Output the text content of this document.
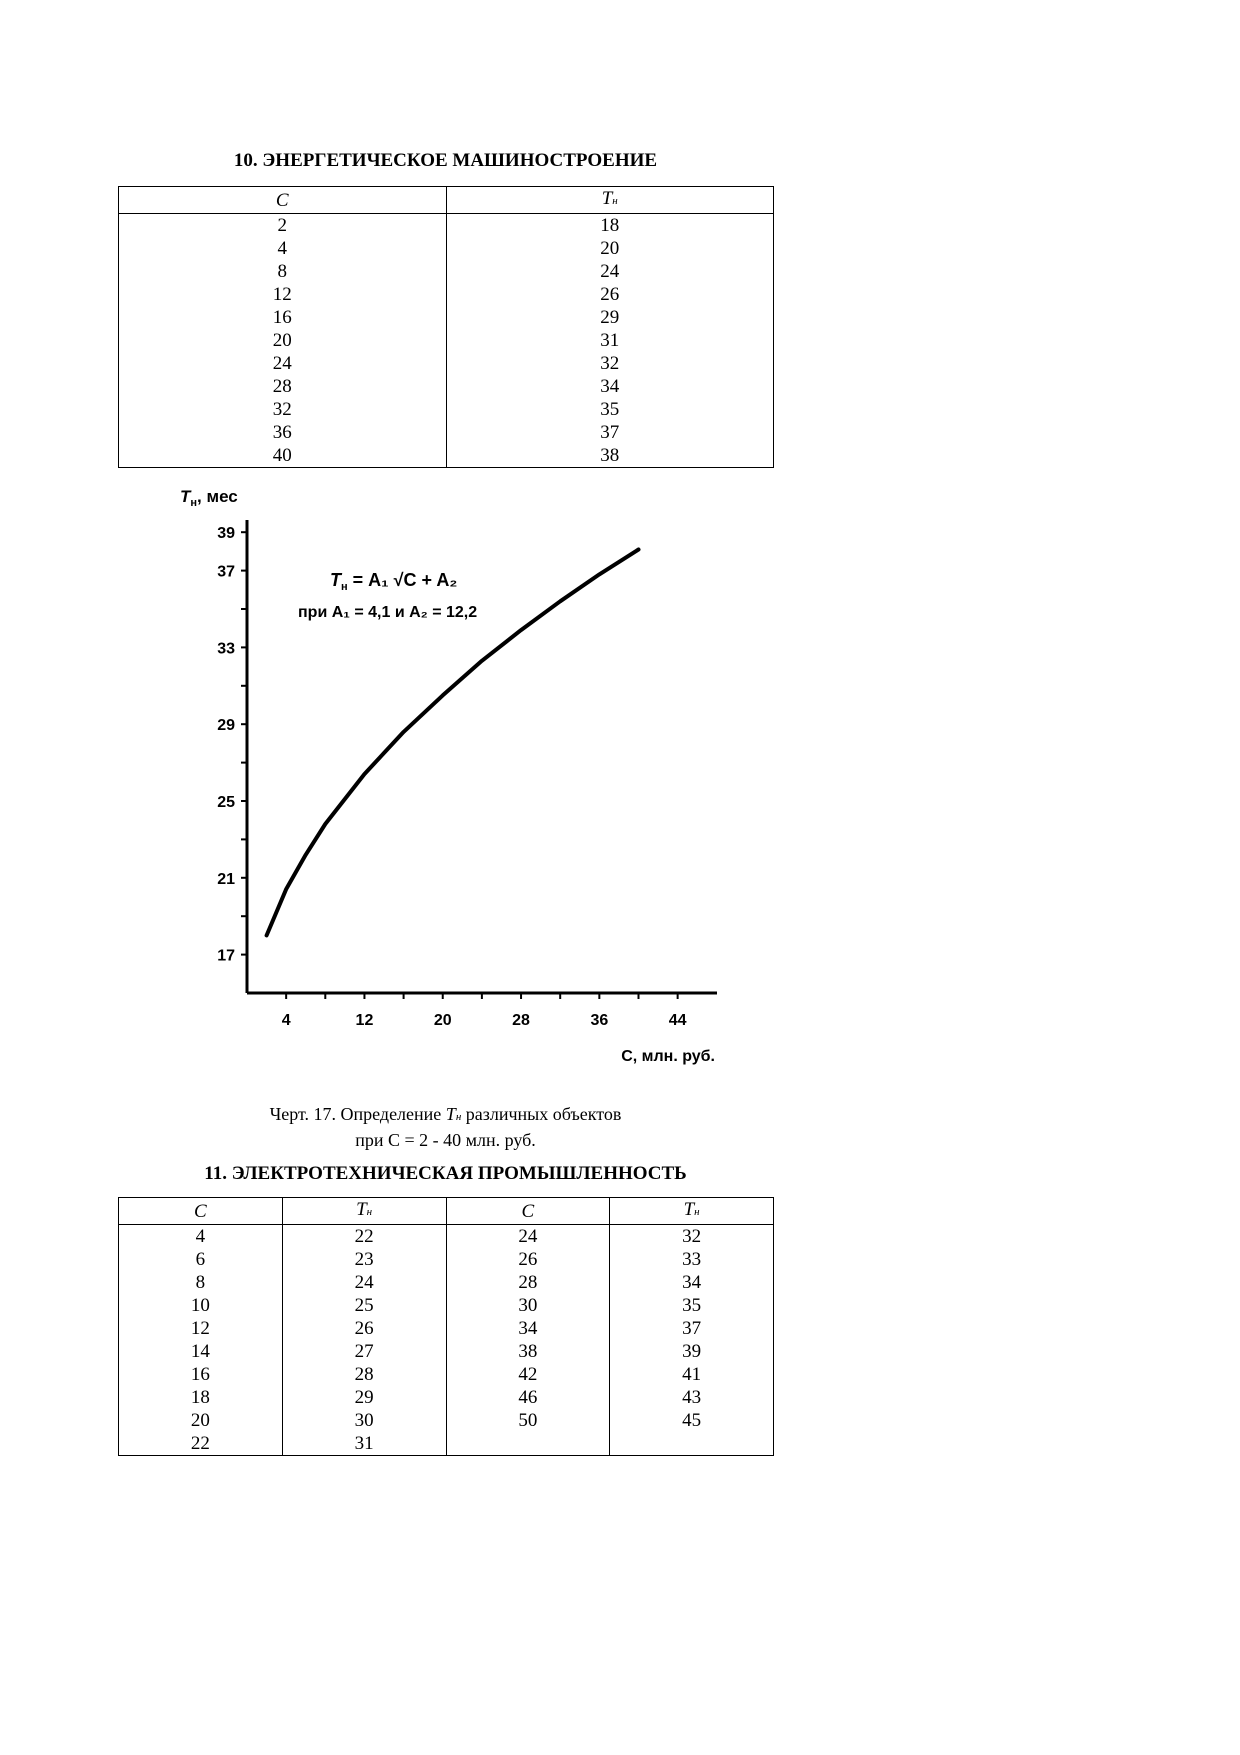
10. ЭНЕРГЕТИЧЕСКОЕ МАШИНОСТРОЕНИЕ
C	Tн
2	18
4	20
8	24
12	26
16	29
20	31
24	32
28	34
32	35
36	37
40	38
17
21
25
29
33
37
39
4	12	20	28	36	44
$T_н$, мес
С, млн. руб.
$T_н = A_1$ √C + A₂
при A₁ = 4,1 и A₂ = 12,2
Черт. 17. Определение Tн различных объектов
при С = 2 - 40 млн. руб.
11. ЭЛЕКТРОТЕХНИЧЕСКАЯ ПРОМЫШЛЕННОСТЬ
C	Tн	C	Tн
4	22	24	32
6	23	26	33
8	24	28	34
10	25	30	35
12	26	34	37
14	27	38	39
16	28	42	41
18	29	46	43
20	30	50	45
22	31		
